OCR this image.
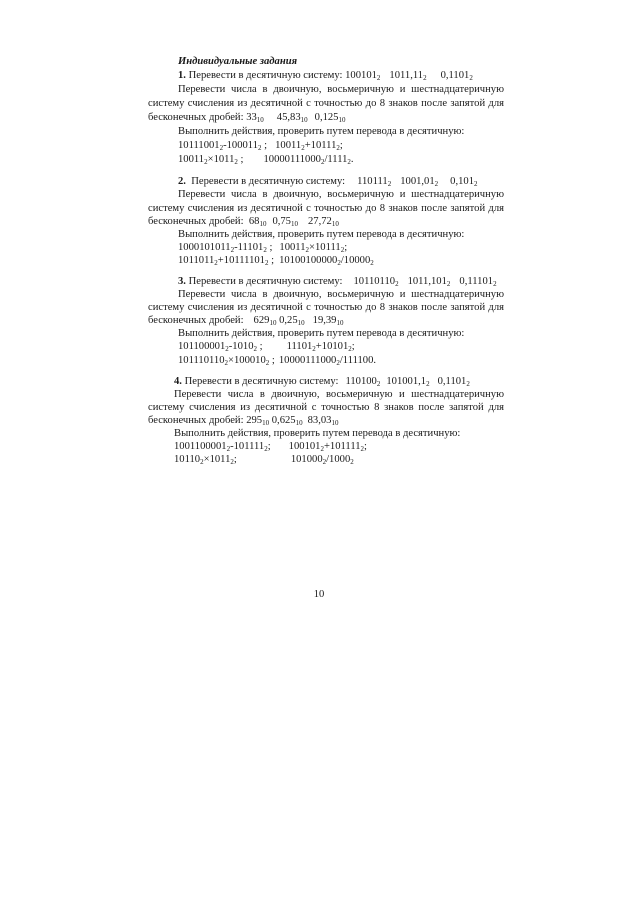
Индивидуальные задания
1. Перевести в десятичную систему: $100101_2$ $1011,11_2$ $0,1101_2$
Перевести числа в двоичную, восьмеричную и шестнадцатеричную
систему счисления из десятичной с точностью до 8 знаков после запятой для
бесконечных дробей: $33_{10}$ $45,83_{10}$ $0,125_{10}$
Выполнить действия, проверить путем перевода в десятичную:
$10111001_2-100011_2$ ; $10011_2+10111_2$;
$10011_2\times 1011_2$ ; $10000111000_2/1111_2$.
2. Перевести в десятичную систему: $110111_2$ $1001,01_2$ $0,101_2$
Перевести числа в двоичную, восьмеричную и шестнадцатеричную
систему счисления из десятичной с точностью до 8 знаков после запятой для
бесконечных дробей: $68_{10}$ $0,75_{10}$ $27,72_{10}$
Выполнить действия, проверить путем перевода в десятичную:
$1000101011_2-11101_2$ ; $10011_2\times 10111_2$;
$1011011_2+10111101_2$ ; $10100100000_2/10000_2$
3. Перевести в десятичную систему: $10110110_2$ $1011,101_2$ $0,11101_2$
Перевести числа в двоичную, восьмеричную и шестнадцатеричную
систему счисления из десятичной с точностью до 8 знаков после запятой для
бесконечных дробей: $629_{10}$ $0,25_{10}$ $19,39_{10}$
Выполнить действия, проверить путем перевода в десятичную:
$101100001_2-1010_2$ ; $11101_2+10101_2$;
$101110110_2\times 100010_2$ ; $10000111000_2/111100$.
4. Перевести в десятичную систему: $110100_2$ $101001,1_2$ $0,1101_2$
Перевести числа в двоичную, восьмеричную и шестнадцатеричную
систему счисления из десятичной с точностью 8 знаков после запятой для
бесконечных дробей: $295_{10}$ $0,625_{10}$ $83,03_{10}$
Выполнить действия, проверить путем перевода в десятичную:
$1001100001_2-101111_2$; $100101_2+101111_2$;
$10110_2\times 1011_2$;	$101000_2/1000_2$
10
